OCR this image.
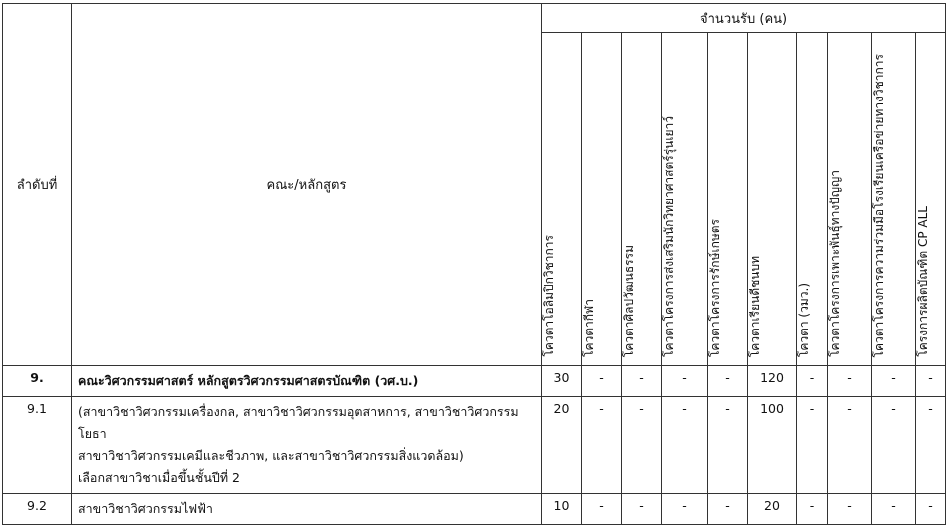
ลำดับที่	คณะ/หลักสูตร	จำนวนรับ (คน)									
		โควตาโอลิมปิกวิชาการ	โควตากีฬา	โควตาศิลปวัฒนธรรม	โควตาโครงการส่งเสริมนักวิทยาศาสตร์รุ่นเยาว์	โควตาโครงการรักษ์เกษตร	โควตาเรียนดีชนบท	โควตา (วมว.)	โควตาโครงการเพาะพันธุ์ทางปัญญา	โควตาโครงการความร่วมมือโรงเรียนเครือข่ายทางวิชาการ	โครงการผลิตบัณฑิต CP ALL
9.	คณะวิศวกรรมศาสตร์ หลักสูตรวิศวกรรมศาสตรบัณฑิต (วศ.บ.)	30	-	-	-	-	120	-	-	-	-
9.1	(สาขาวิชาวิศวกรรมเครื่องกล, สาขาวิชาวิศวกรรมอุตสาหการ, สาขาวิชาวิศวกรรมโยธา
สาขาวิชาวิศวกรรมเคมีและชีวภาพ, และสาขาวิชาวิศวกรรมสิ่งแวดล้อม)
เลือกสาขาวิชาเมื่อขึ้นชั้นปีที่ 2	20	-	-	-	-	100	-	-	-	-
9.2	สาขาวิชาวิศวกรรมไฟฟ้า	10	-	-	-	-	20	-	-	-	-
